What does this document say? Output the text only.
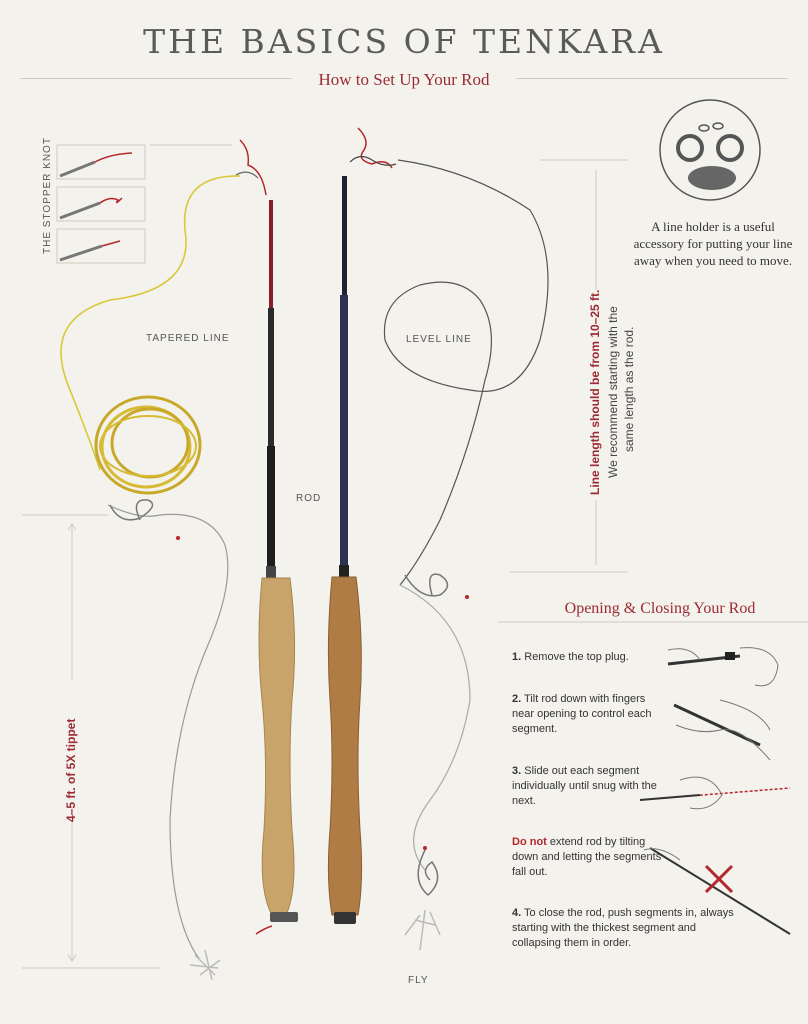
THE BASICS OF TENKARA
How to Set Up Your Rod
THE STOPPER KNOT
TAPERED LINE	LEVEL LINE
ROD
FLY
4–5 ft. of 5X tippet
Line length should be from 10–25 ft. We recommend starting with the same length as the rod.
A line holder is a useful accessory for putting your line away when you need to move.
Opening & Closing Your Rod
1. Remove the top plug.
2. Tilt rod down with fingers near opening to control each segment.
3. Slide out each segment individually until snug with the next.
Do not extend rod by tilting down and letting the segments fall out.
4. To close the rod, push segments in, always starting with the thickest segment and collapsing them in order.
